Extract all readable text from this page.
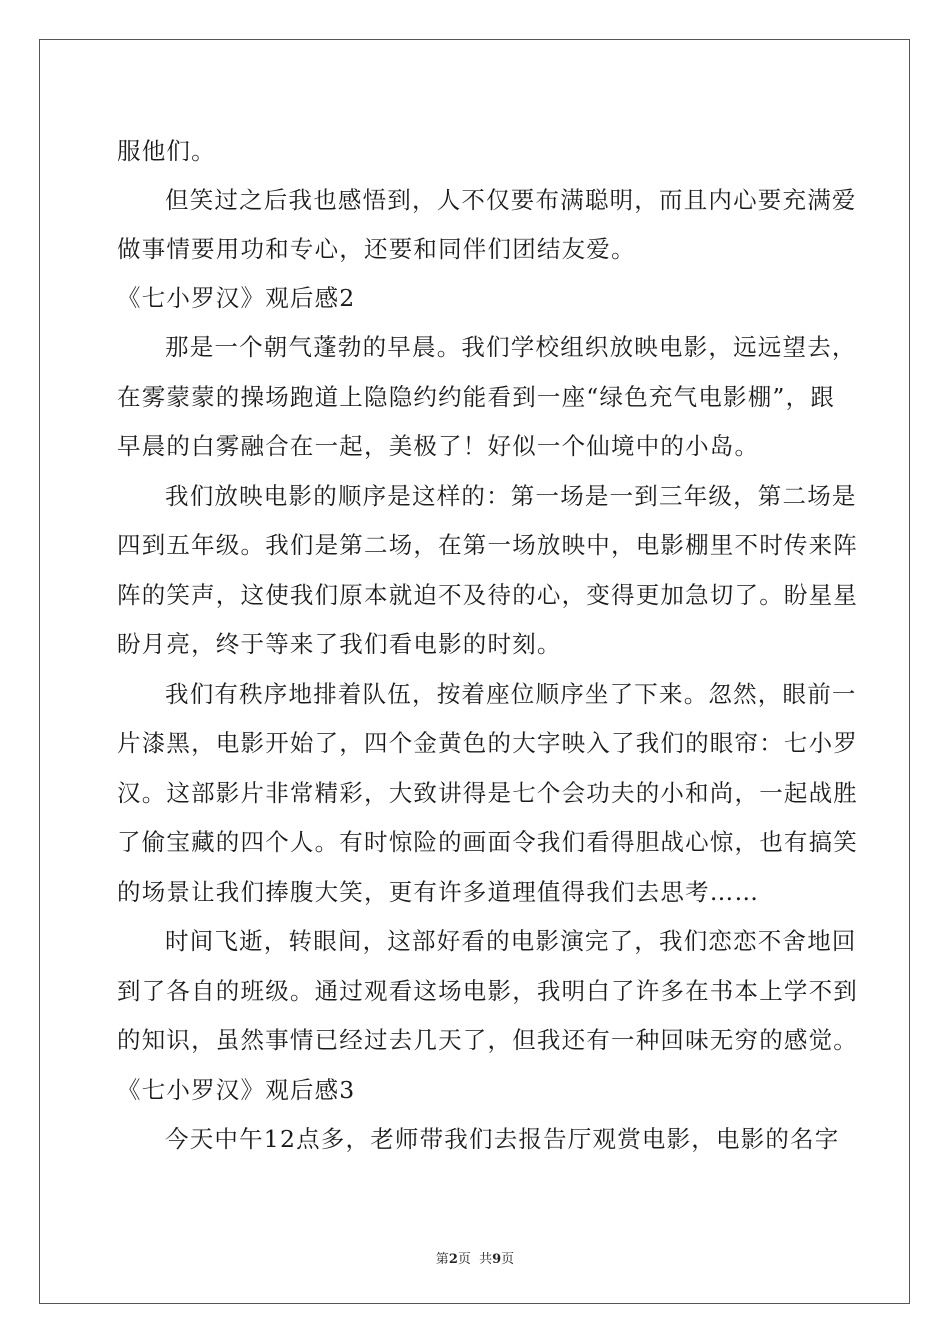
服他们。
但笑过之后我也感悟到，人不仅要布满聪明，而且内心要充满爱
做事情要用功和专心，还要和同伴们团结友爱。
《七小罗汉》观后感2
那是一个朝气蓬勃的早晨。我们学校组织放映电影，远远望去，
在雾蒙蒙的操场跑道上隐隐约约能看到一座“绿色充气电影棚”，跟
早晨的白雾融合在一起，美极了！好似一个仙境中的小岛。
我们放映电影的顺序是这样的：第一场是一到三年级，第二场是
四到五年级。我们是第二场，在第一场放映中，电影棚里不时传来阵
阵的笑声，这使我们原本就迫不及待的心，变得更加急切了。盼星星
盼月亮，终于等来了我们看电影的时刻。
我们有秩序地排着队伍，按着座位顺序坐了下来。忽然，眼前一
片漆黑，电影开始了，四个金黄色的大字映入了我们的眼帘：七小罗
汉。这部影片非常精彩，大致讲得是七个会功夫的小和尚，一起战胜
了偷宝藏的四个人。有时惊险的画面令我们看得胆战心惊，也有搞笑
的场景让我们捧腹大笑，更有许多道理值得我们去思考……
时间飞逝，转眼间，这部好看的电影演完了，我们恋恋不舍地回
到了各自的班级。通过观看这场电影，我明白了许多在书本上学不到
的知识，虽然事情已经过去几天了，但我还有一种回味无穷的感觉。
《七小罗汉》观后感3
今天中午12点多，老师带我们去报告厅观赏电影，电影的名字
第2页  共9页
